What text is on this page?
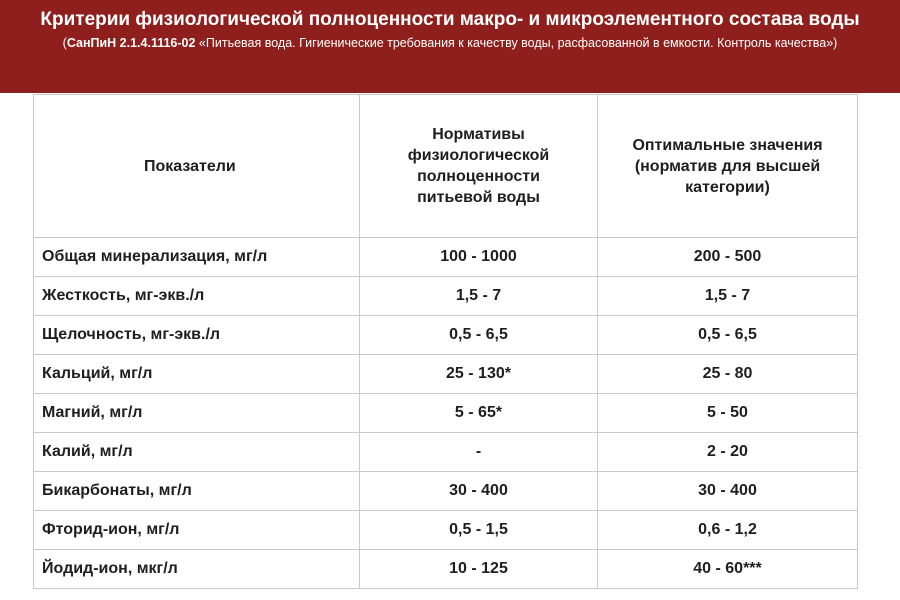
Критерии физиологической полноценности макро- и микроэлементного состава воды
(СанПиН 2.1.4.1116-02 «Питьевая вода. Гигиенические требования к качеству воды, расфасованной в емкости. Контроль качества»)
Показатели	Нормативы физиологической полноценности питьевой воды	Оптимальные значения (норматив для высшей категории)

Общая минерализация, мг/л	100 - 1000	200 - 500
Жесткость, мг-экв./л	1,5 - 7	1,5 - 7
Щелочность, мг-экв./л	0,5 - 6,5	0,5 - 6,5
Кальций, мг/л	25 - 130*	25 - 80
Магний, мг/л	5 - 65*	5 - 50
Калий, мг/л	-	2 - 20
Бикарбонаты, мг/л	30 - 400	30 - 400
Фторид-ион, мг/л	0,5 - 1,5	0,6 - 1,2
Йодид-ион, мкг/л	10 - 125	40 - 60***
